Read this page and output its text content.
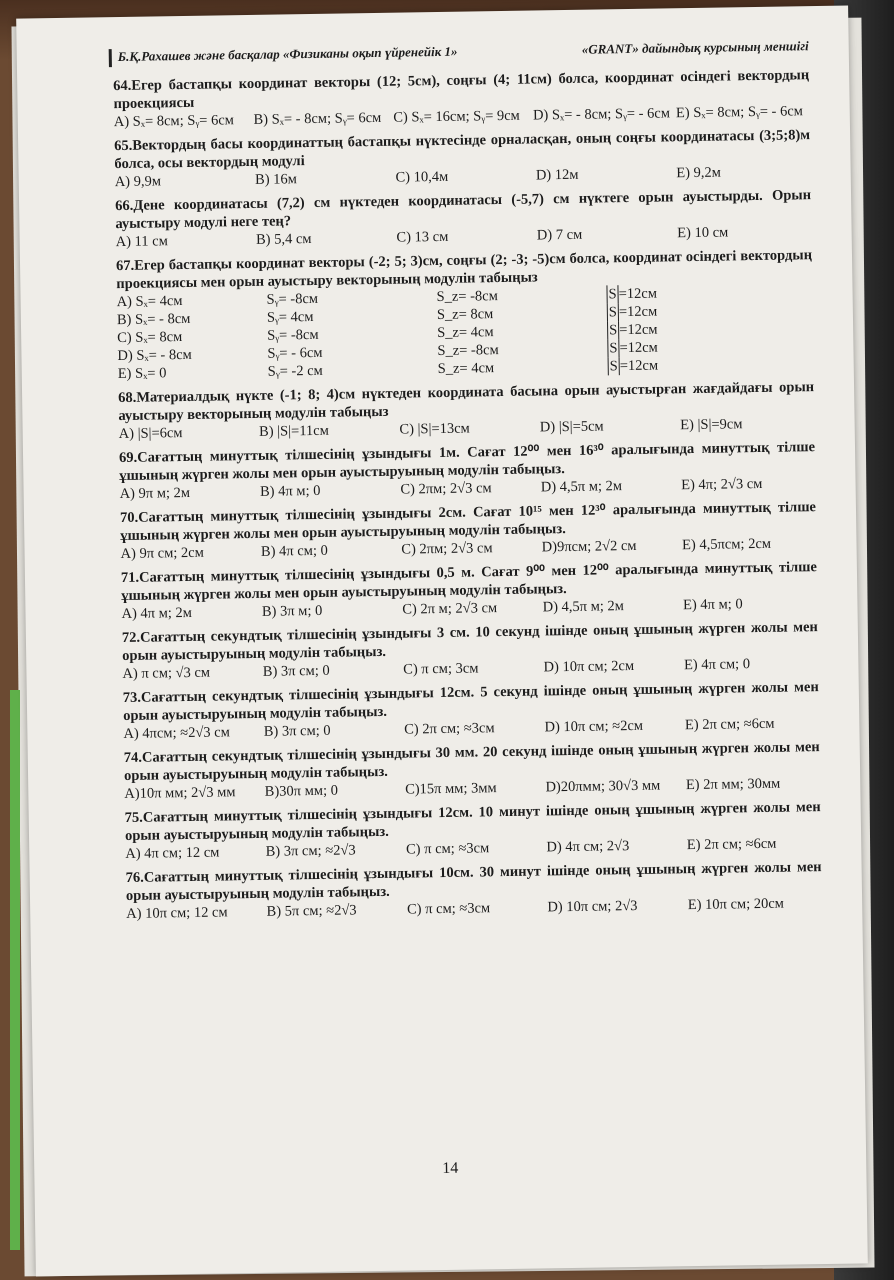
Б.Қ.Рахашев және басқалар «Физиканы оқып үйренейік 1»	«GRANT» дайындық курсының меншігі
64.Егер бастапқы координат векторы (12; 5см), соңғы (4; 11см) болса, координат осіндегі вектордың проекциясы
A) Sₓ= 8см; Sᵧ= 6см	B) Sₓ= - 8см; Sᵧ= 6см C) Sₓ= 16см; Sᵧ= 9см D) Sₓ= - 8см; Sᵧ= - 6см E) Sₓ= 8см; Sᵧ= - 6см
65.Вектордың басы координаттың бастапқы нүктесінде орналасқан, оның соңғы координатасы (3;5;8)м болса, осы вектордың модулі
A) 9,9м	B) 16м	C) 10,4м	D) 12м	E) 9,2м
66.Дене координатасы (7,2) см нүктеден координатасы (-5,7) см нүктеге орын ауыстырды. Орын ауыстыру модулі неге тең?
A) 11 см	B) 5,4 см	C) 13 см	D) 7 см	E) 10 см
67.Егер бастапқы координат векторы (-2; 5; 3)см, соңғы (2; -3; -5)см болса, координат осіндегі вектордың проекциясы мен орын ауыстыру векторының модулін табыңыз
A) Sₓ= 4см	Sᵧ= -8см	S_z= -8см	S =12см
B) Sₓ= - 8см	Sᵧ= 4см	S_z= 8см	S =12см
C) Sₓ= 8см	Sᵧ= -8см	S_z= 4см	S =12см
D) Sₓ= - 8см	Sᵧ= - 6см	S_z= -8см	S =12см
E) Sₓ= 0	Sᵧ= -2 см	S_z= 4см	S =12см
68.Материалдық нүкте (-1; 8; 4)см нүктеден координата басына орын ауыстырған жағдайдағы орын ауыстыру векторының модулін табыңыз
A) |S|=6см	B) |S|=11см	C) |S|=13см	D) |S|=5см	E) |S|=9см
69.Сағаттың минуттық тілшесінің ұзындығы 1м. Сағат 12⁰⁰ мен 16³⁰ аралығында минуттық тілше ұшының жүрген жолы мен орын ауыстыруының модулін табыңыз.
A) 9π м; 2м	B) 4π м; 0	C) 2πм; 2√3 см	D) 4,5π м; 2м	E) 4π; 2√3 см
70.Сағаттың минуттық тілшесінің ұзындығы 2см. Сағат 10¹⁵ мен 12³⁰ аралығында минуттық тілше ұшының жүрген жолы мен орын ауыстыруының модулін табыңыз.
A) 9π см; 2см	B) 4π см; 0	C) 2πм; 2√3 см	D)9πсм; 2√2 см	E) 4,5πсм; 2см
71.Сағаттың минуттық тілшесінің ұзындығы 0,5 м. Сағат 9⁰⁰ мен 12⁰⁰ аралығында минуттық тілше ұшының жүрген жолы мен орын ауыстыруының модулін табыңыз.
A) 4π м; 2м	B) 3π м; 0	C) 2π м; 2√3 см	D) 4,5π м; 2м	E) 4π м; 0
72.Сағаттың секундтық тілшесінің ұзындығы 3 см. 10 секунд ішінде оның ұшының жүрген жолы мен орын ауыстыруының модулін табыңыз.
A) π см; √3 см	B) 3π см; 0	C) π см; 3см	D) 10π см; 2см	E) 4π см; 0
73.Сағаттың секундтық тілшесінің ұзындығы 12см. 5 секунд ішінде оның ұшының жүрген жолы мен орын ауыстыруының модулін табыңыз.
A) 4πсм; ≈2√3 см	B) 3π см; 0	C) 2π см; ≈3см	D) 10π см; ≈2см	E) 2π см; ≈6см
74.Сағаттың секундтық тілшесінің ұзындығы 30 мм. 20 секунд ішінде оның ұшының жүрген жолы мен орын ауыстыруының модулін табыңыз.
A)10π мм; 2√3 мм	B)30π мм; 0	C)15π мм; 3мм	D)20πмм; 30√3 мм	E) 2π мм; 30мм
75.Сағаттың минуттық тілшесінің ұзындығы 12см. 10 минут ішінде оның ұшының жүрген жолы мен орын ауыстыруының модулін табыңыз.
A) 4π см; 12 см	B) 3π см; ≈2√3	C) π см; ≈3см	D) 4π см; 2√3	E) 2π см; ≈6см
76.Сағаттың минуттық тілшесінің ұзындығы 10см. 30 минут ішінде оның ұшының жүрген жолы мен орын ауыстыруының модулін табыңыз.
A) 10π см; 12 см	B) 5π см; ≈2√3	C) π см; ≈3см	D) 10π см; 2√3	E) 10π см; 20см
14
